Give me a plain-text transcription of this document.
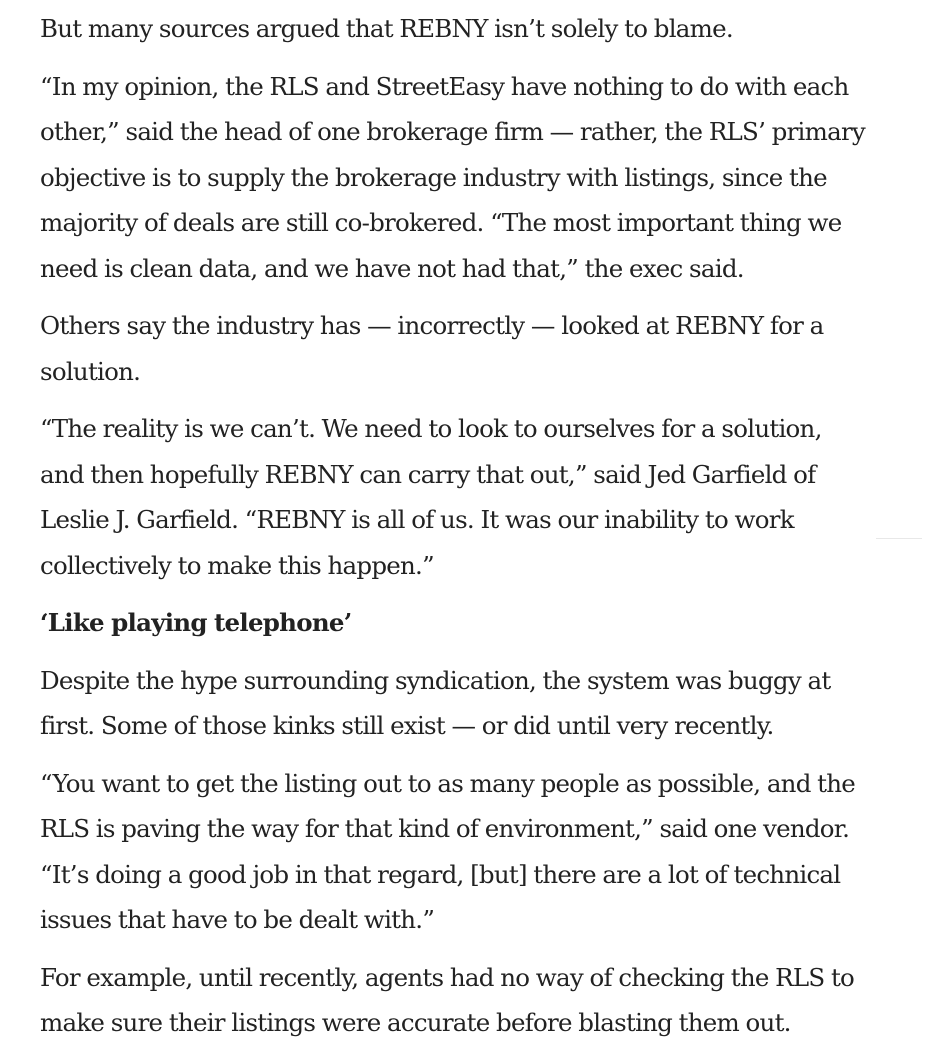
But many sources argued that REBNY isn’t solely to blame.

“In my opinion, the RLS and StreetEasy have nothing to do with each other,” said the head of one brokerage firm — rather, the RLS’ primary objective is to supply the brokerage industry with listings, since the majority of deals are still co-brokered. “The most important thing we need is clean data, and we have not had that,” the exec said.

Others say the industry has — incorrectly — looked at REBNY for a solution.

“The reality is we can’t. We need to look to ourselves for a solution, and then hopefully REBNY can carry that out,” said Jed Garfield of Leslie J. Garfield. “REBNY is all of us. It was our inability to work collectively to make this happen.”

‘Like playing telephone’

Despite the hype surrounding syndication, the system was buggy at first. Some of those kinks still exist — or did until very recently.

“You want to get the listing out to as many people as possible, and the RLS is paving the way for that kind of environment,” said one vendor. “It’s doing a good job in that regard, [but] there are a lot of technical issues that have to be dealt with.”

For example, until recently, agents had no way of checking the RLS to make sure their listings were accurate before blasting them out.
